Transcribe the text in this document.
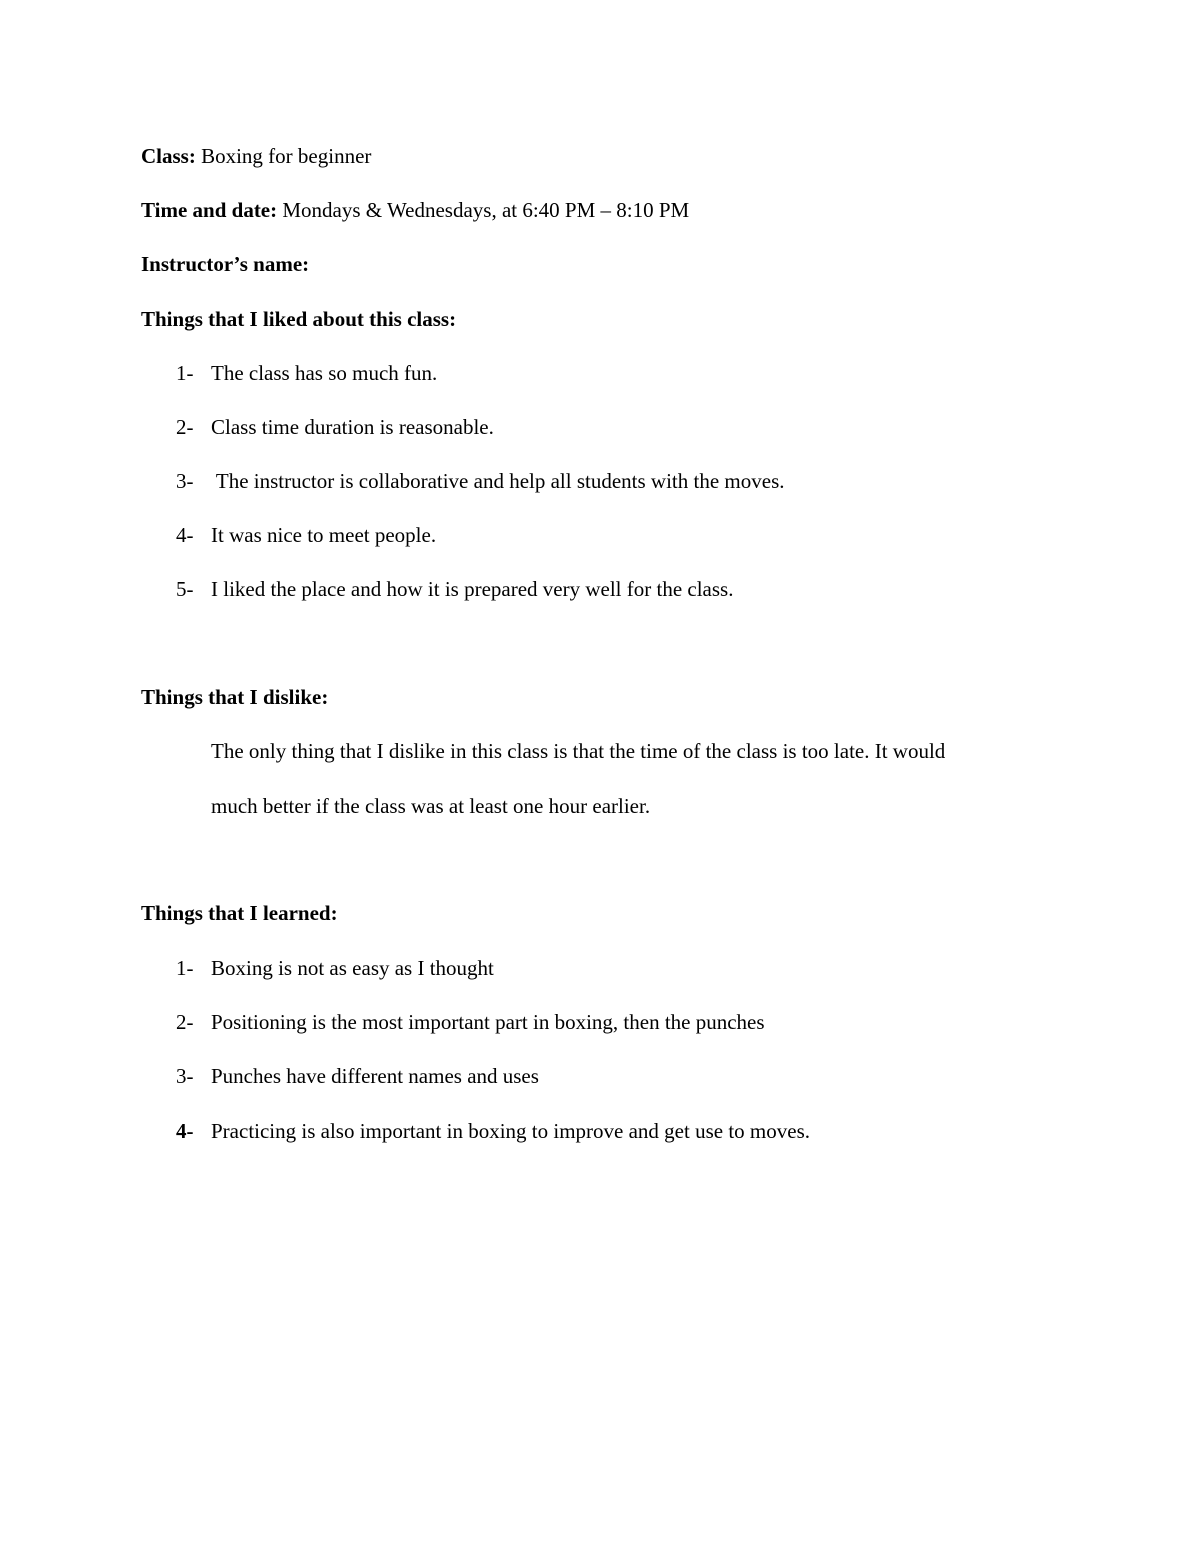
Class: Boxing for beginner
Time and date: Mondays & Wednesdays, at 6:40 PM – 8:10 PM
Instructor’s name:
Things that I liked about this class:
1- The class has so much fun.
2- Class time duration is reasonable.
3- The instructor is collaborative and help all students with the moves.
4- It was nice to meet people.
5- I liked the place and how it is prepared very well for the class.
Things that I dislike:
The only thing that I dislike in this class is that the time of the class is too late. It would
much better if the class was at least one hour earlier.
Things that I learned:
1- Boxing is not as easy as I thought
2- Positioning is the most important part in boxing, then the punches
3- Punches have different names and uses
4- Practicing is also important in boxing to improve and get use to moves.
